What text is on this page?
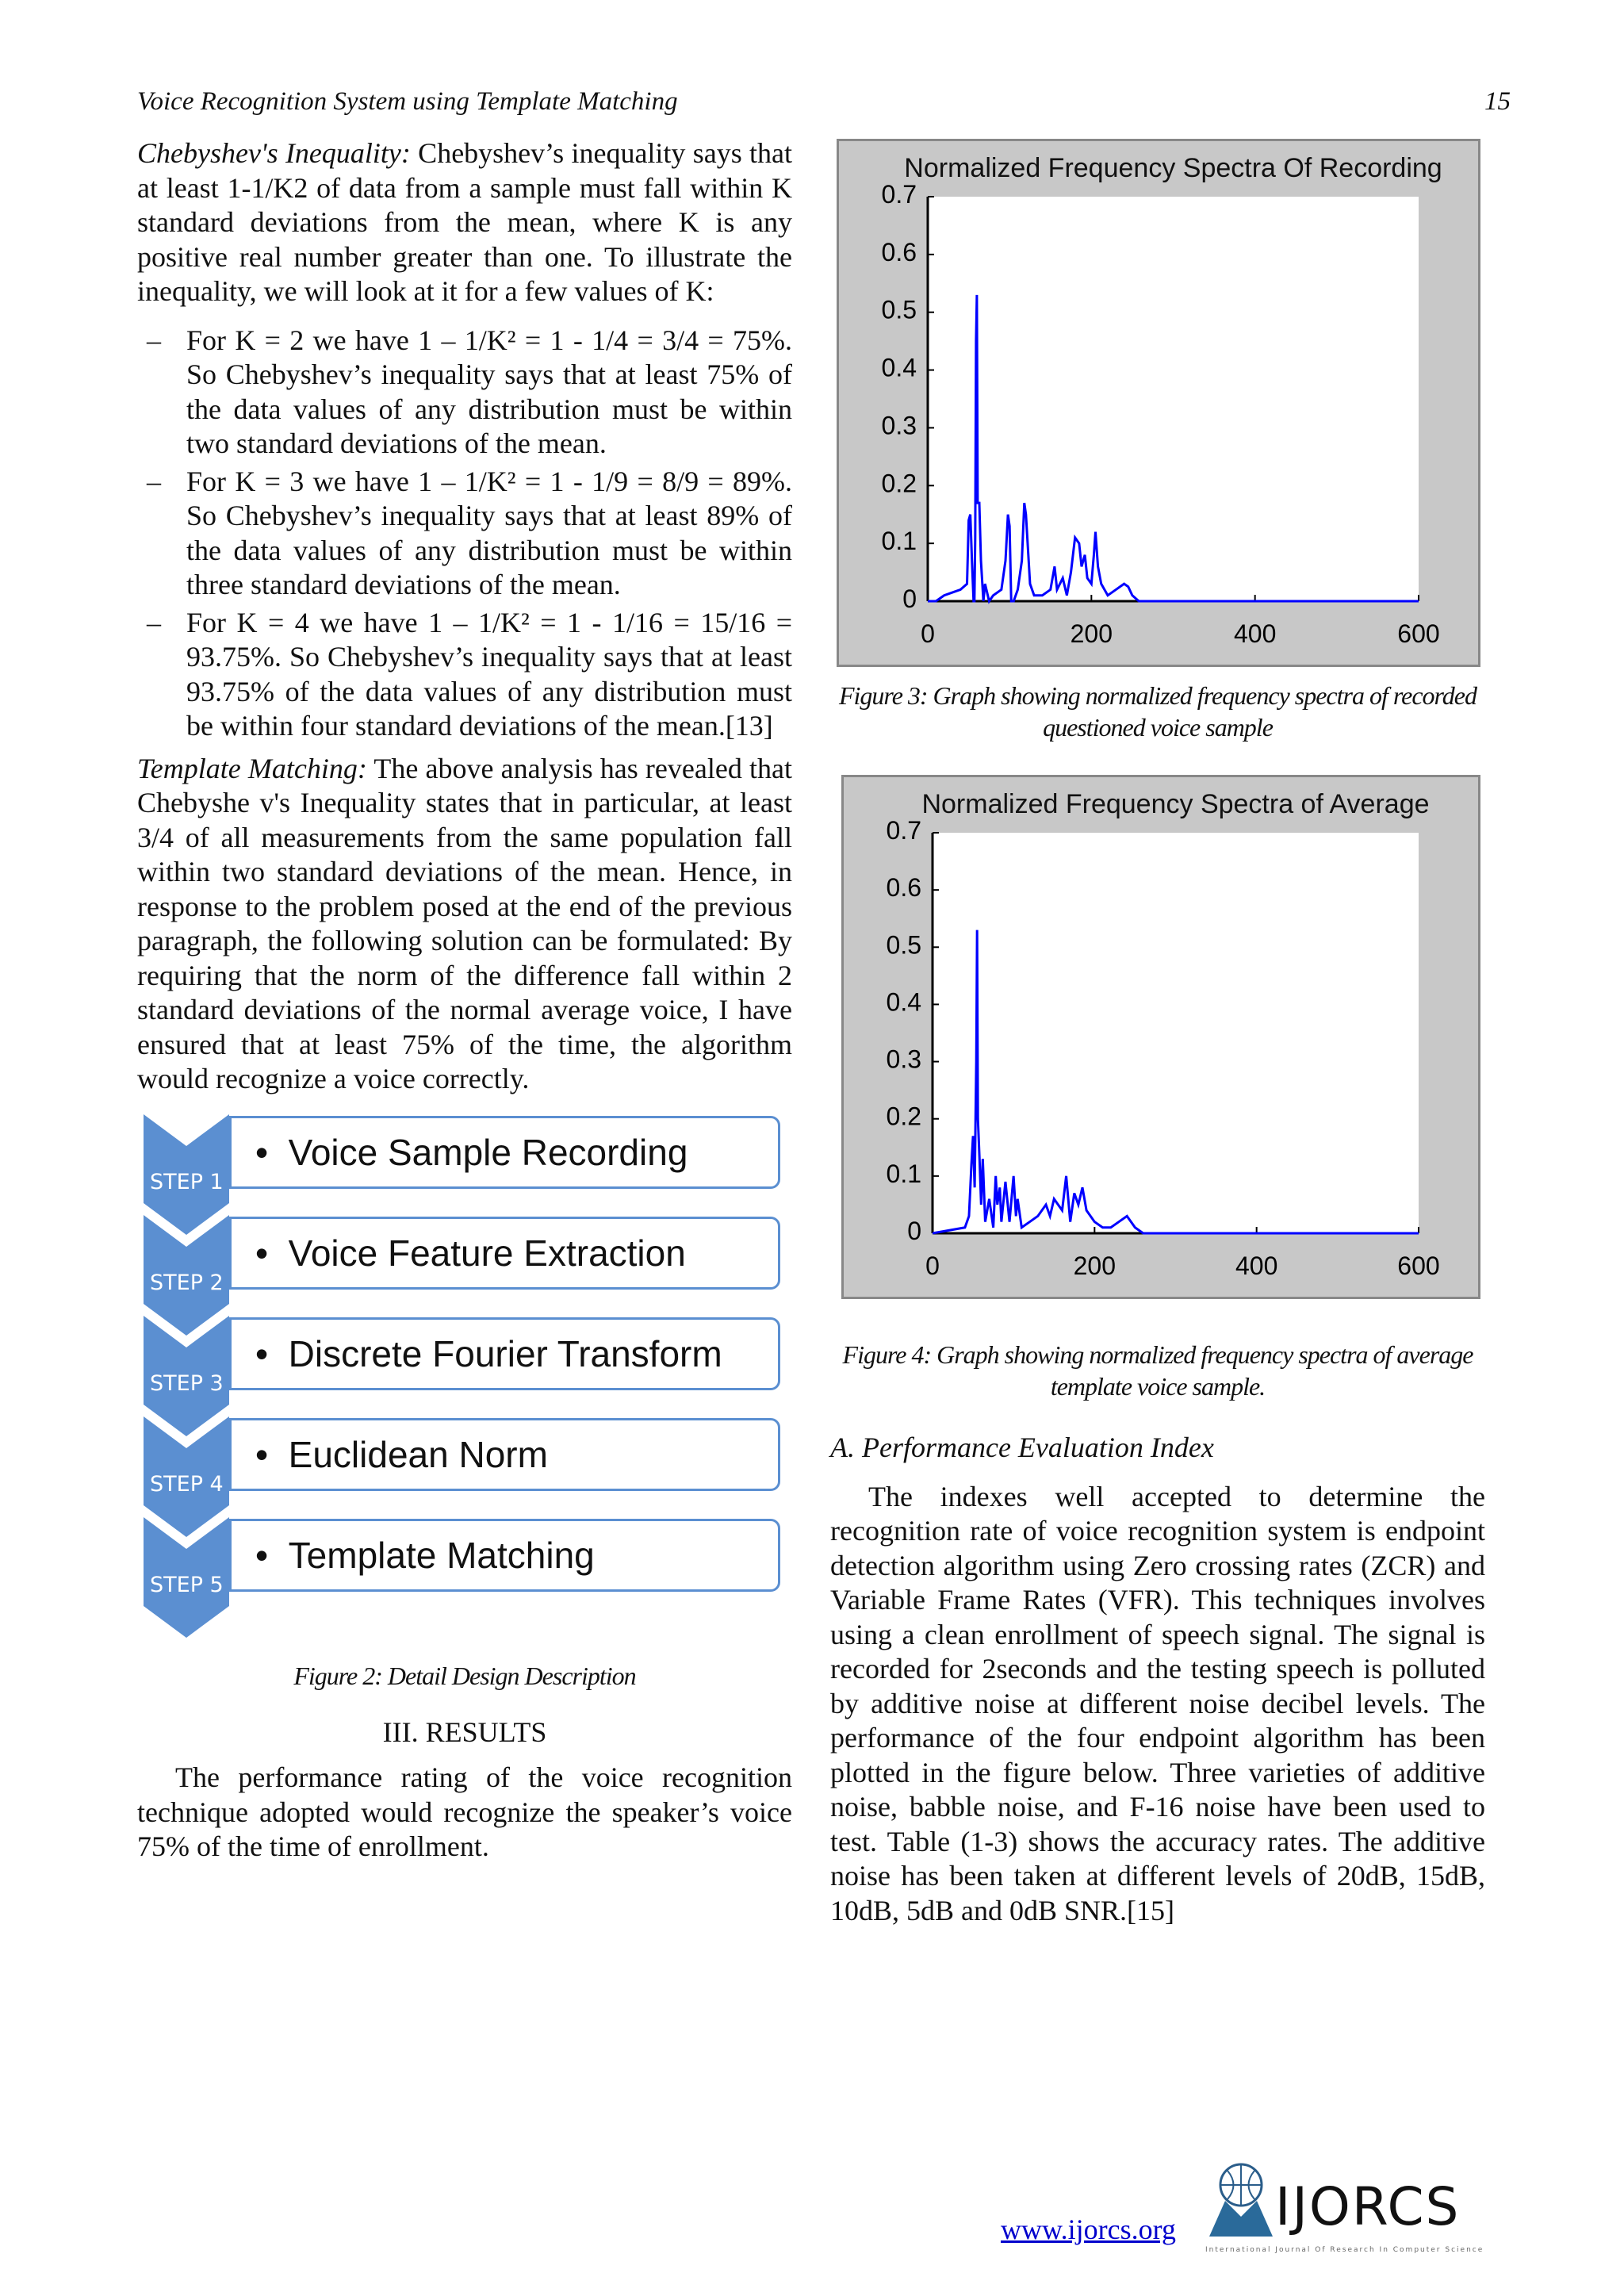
Voice Recognition System using Template Matching	15

Chebyshev's Inequality: Chebyshev’s inequality says that at least 1-1/K2 of data from a sample must fall within K standard deviations from the mean, where K is any positive real number greater than one. To illustrate the inequality, we will look at it for a few values of K:

– For K = 2 we have 1 – 1/K² = 1 - 1/4 = 3/4 = 75%. So Chebyshev’s inequality says that at least 75% of the data values of any distribution must be within two standard deviations of the mean.
– For K = 3 we have 1 – 1/K² = 1 - 1/9 = 8/9 = 89%. So Chebyshev’s inequality says that at least 89% of the data values of any distribution must be within three standard deviations of the mean.
– For K = 4 we have 1 – 1/K² = 1 - 1/16 = 15/16 = 93.75%. So Chebyshev’s inequality says that at least 93.75% of the data values of any distribution must be within four standard deviations of the mean.[13]

Template Matching: The above analysis has revealed that Chebyshe v's Inequality states that in particular, at least 3/4 of all measurements from the same population fall within two standard deviations of the mean. Hence, in response to the problem posed at the end of the previous paragraph, the following solution can be formulated: By requiring that the norm of the difference fall within 2 standard deviations of the normal average voice, I have ensured that at least 75% of the time, the algorithm would recognize a voice correctly.

STEP 1
•  Voice Sample Recording
STEP 2
•  Voice Feature Extraction
STEP 3
•  Discrete Fourier Transform
STEP 4
•  Euclidean Norm
STEP 5
•  Template Matching
Figure 2: Detail Design Description
III. RESULTS
The performance rating of the voice recognition technique adopted would recognize the speaker’s voice 75% of the time of enrollment.
Normalized Frequency Spectra Of Recording
0
0.1
0.2
0.3
0.4
0.5
0.6
0.7
0	200	400	600
Figure 3: Graph showing normalized frequency spectra of recorded questioned voice sample
Normalized Frequency Spectra of Average
0
0.1
0.2
0.3
0.4
0.5
0.6
0.7
0	200	400	600
Figure 4: Graph showing normalized frequency spectra of average template voice sample.
A. Performance Evaluation Index
The indexes well accepted to determine the recognition rate of voice recognition system is endpoint detection algorithm using Zero crossing rates (ZCR) and Variable Frame Rates (VFR). This techniques involves using a clean enrollment of speech signal. The signal is recorded for 2seconds and the testing speech is polluted by additive noise at different noise decibel levels. The performance of the four endpoint algorithm has been plotted in the figure below. Three varieties of additive noise, babble noise, and F-16 noise have been used to test. Table (1-3) shows the accuracy rates. The additive noise has been taken at different levels of 20dB, 15dB, 10dB, 5dB and 0dB SNR.[15]
www.ijorcs.org IJORCS
International Journal Of Research In Computer Science
